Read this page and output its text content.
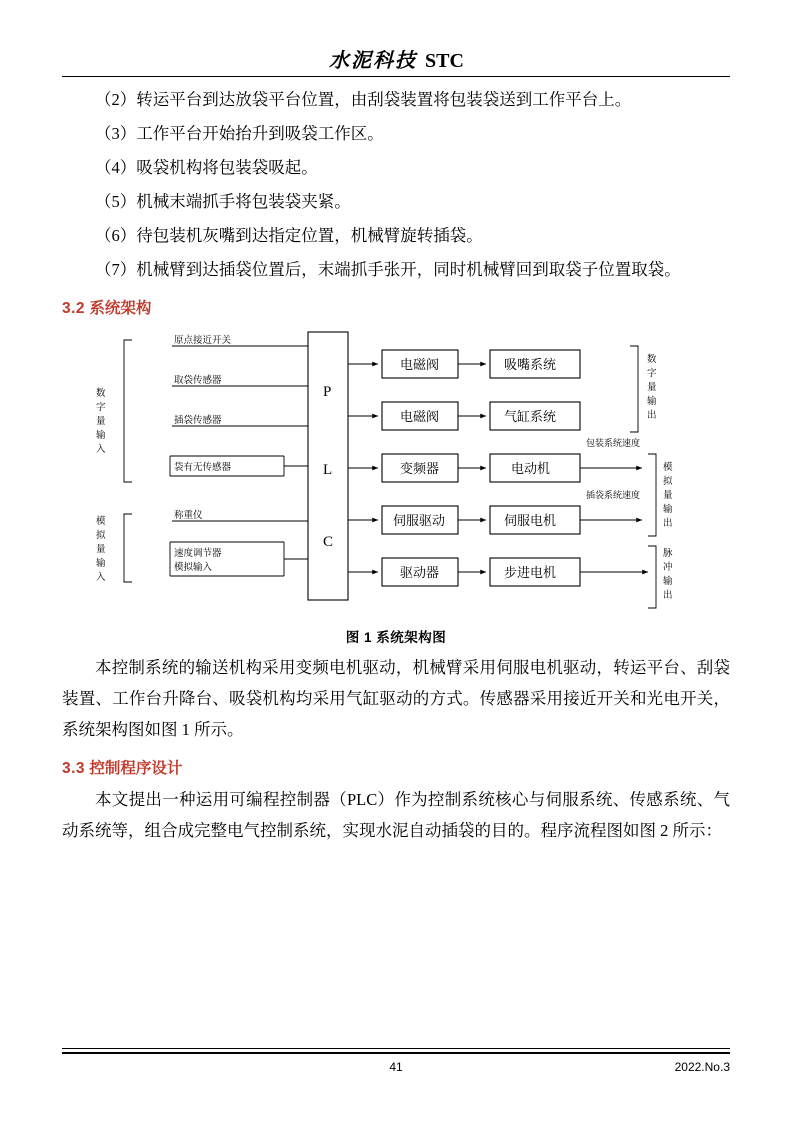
水泥科技 STC

（2）转运平台到达放袋平台位置，由刮袋装置将包装袋送到工作平台上。

（3）工作平台开始抬升到吸袋工作区。

（4）吸袋机构将包装袋吸起。

（5）机械末端抓手将包装袋夹紧。

（6）待包装机灰嘴到达指定位置，机械臂旋转插袋。

（7）机械臂到达插袋位置后，末端抓手张开，同时机械臂回到取袋子位置取袋。

3.2 系统架构
原点接近开关
取袋传感器
插袋传感器
袋有无传感器
称重仪
速度调节器
模拟输入
数
字
量
输
入
模
拟
量
输
入
P
L
C
电磁阀	吸嘴系统
电磁阀	气缸系统
变频器	电动机
包装系统速度
伺服驱动	伺服电机
插袋系统速度
驱动器	步进电机
数
字
量
输
出
模
拟
量
输
出
脉
冲
输
出
图 1 系统架构图

本控制系统的输送机构采用变频电机驱动，机械臂采用伺服电机驱动，转运平台、刮袋装置、工作台升降台、吸袋机构均采用气缸驱动的方式。传感器采用接近开关和光电开关，系统架构图如图 1 所示。

3.3 控制程序设计

本文提出一种运用可编程控制器（PLC）作为控制系统核心与伺服系统、传感系统、气动系统等，组合成完整电气控制系统，实现水泥自动插袋的目的。程序流程图如图 2 所示：

41	2022.No.3
